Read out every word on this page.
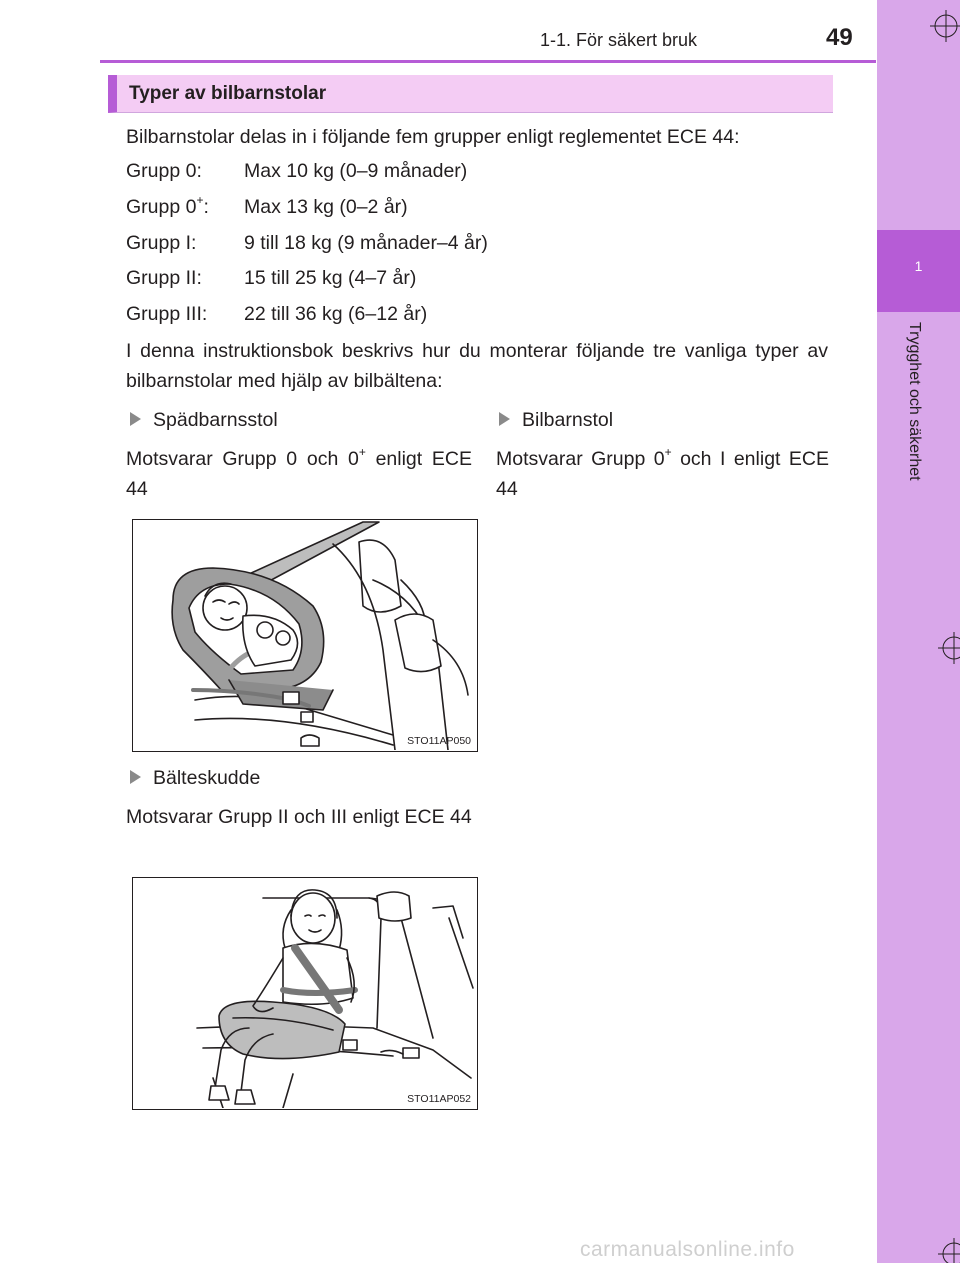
1-1. För säkert bruk	49
1
Trygghet och säkerhet
Typer av bilbarnstolar
Bilbarnstolar delas in i följande fem grupper enligt reglementet ECE 44:
Grupp 0: Max 10 kg (0–9 månader)
Grupp 0+: Max 13 kg (0–2 år)
Grupp I: 9 till 18 kg (9 månader–4 år)
Grupp II: 15 till 25 kg (4–7 år)
Grupp III: 22 till 36 kg (6–12 år)
I denna instruktionsbok beskrivs hur du monterar följande tre vanliga typer av bilbarnstolar med hjälp av bilbältena:
Spädbarnsstol
Motsvarar Grupp 0 och 0+ enligt ECE 44
Bilbarnstol
Motsvarar Grupp 0+ och I enligt ECE 44
STO11AP050
Bälteskudde
Motsvarar Grupp II och III enligt ECE 44
STO11AP052
carmanualsonline.info
